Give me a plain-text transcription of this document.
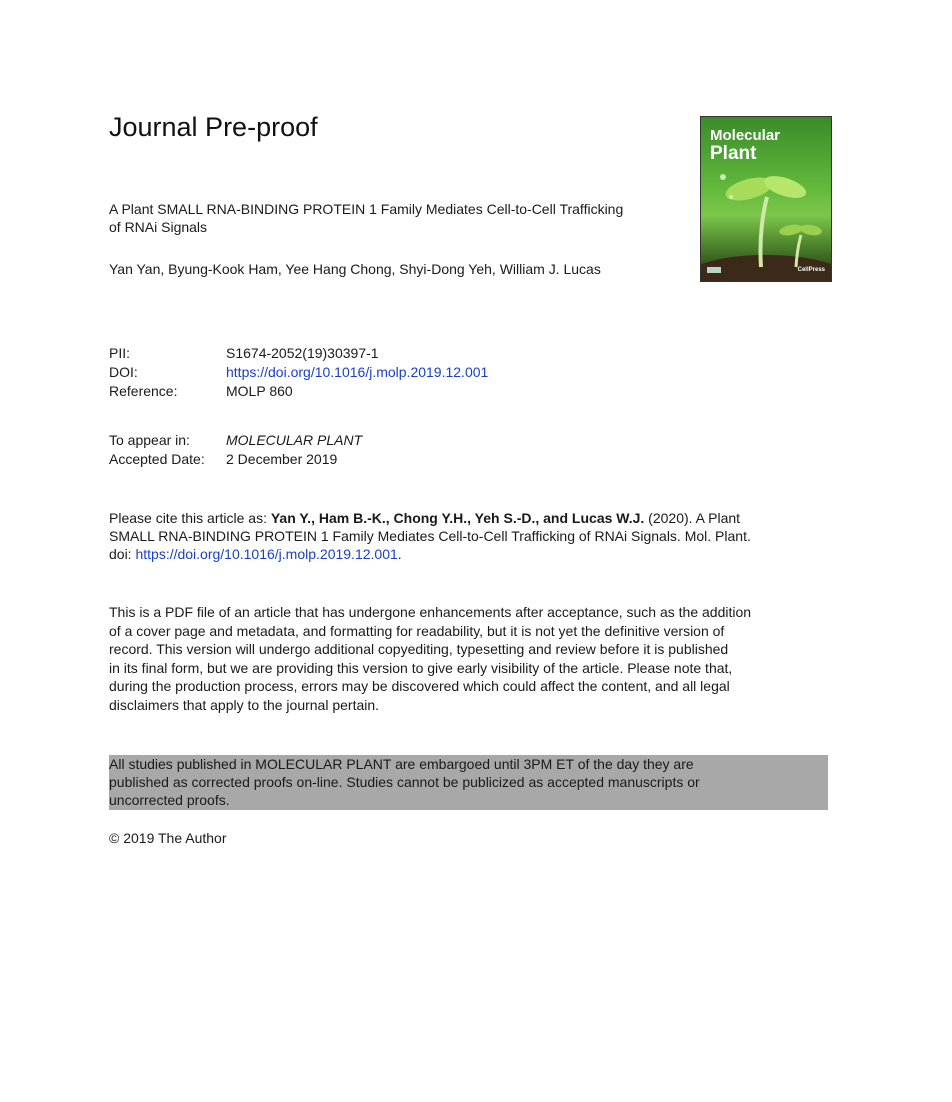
Journal Pre-proof	Molecular
Plant
CellPress
A Plant SMALL RNA-BINDING PROTEIN 1 Family Mediates Cell-to-Cell Trafficking
of RNAi Signals
Yan Yan, Byung-Kook Ham, Yee Hang Chong, Shyi-Dong Yeh, William J. Lucas
PII:	S1674-2052(19)30397-1
DOI:	https://doi.org/10.1016/j.molp.2019.12.001
Reference:	MOLP 860
To appear in:	MOLECULAR PLANT
Accepted Date: 2 December 2019
Please cite this article as: Yan Y., Ham B.-K., Chong Y.H., Yeh S.-D., and Lucas W.J. (2020). A Plant
SMALL RNA-BINDING PROTEIN 1 Family Mediates Cell-to-Cell Trafficking of RNAi Signals. Mol. Plant.
doi: https://doi.org/10.1016/j.molp.2019.12.001.
This is a PDF file of an article that has undergone enhancements after acceptance, such as the addition
of a cover page and metadata, and formatting for readability, but it is not yet the definitive version of
record. This version will undergo additional copyediting, typesetting and review before it is published
in its final form, but we are providing this version to give early visibility of the article. Please note that,
during the production process, errors may be discovered which could affect the content, and all legal
disclaimers that apply to the journal pertain.
All studies published in MOLECULAR PLANT are embargoed until 3PM ET of the day they are
published as corrected proofs on-line. Studies cannot be publicized as accepted manuscripts or
uncorrected proofs.
© 2019 The Author
